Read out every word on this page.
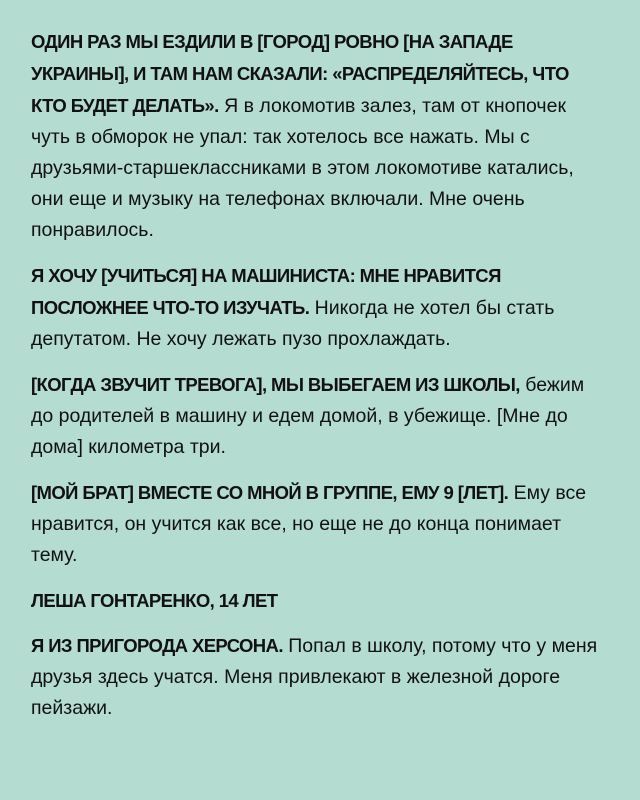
ОДИН РАЗ МЫ ЕЗДИЛИ В [ГОРОД] РОВНО [НА ЗАПАДЕ УКРАИНЫ], И ТАМ НАМ СКАЗАЛИ: «РАСПРЕДЕЛЯЙТЕСЬ, ЧТО КТО БУДЕТ ДЕЛАТЬ». Я в локомотив залез, там от кнопочек чуть в обморок не упал: так хотелось все нажать. Мы с друзьями-старшеклассниками в этом локомотиве катались, они еще и музыку на телефонах включали. Мне очень понравилось.

Я ХОЧУ [УЧИТЬСЯ] НА МАШИНИСТА: МНЕ НРАВИТСЯ ПОСЛОЖНЕЕ ЧТО-ТО ИЗУЧАТЬ. Никогда не хотел бы стать депутатом. Не хочу лежать пузо прохлаждать.

[КОГДА ЗВУЧИТ ТРЕВОГА], МЫ ВЫБЕГАЕМ ИЗ ШКОЛЫ, бежим до родителей в машину и едем домой, в убежище. [Мне до дома] километра три.

[МОЙ БРАТ] ВМЕСТЕ СО МНОЙ В ГРУППЕ, ЕМУ 9 [ЛЕТ]. Ему все нравится, он учится как все, но еще не до конца понимает тему.

ЛЕША ГОНТАРЕНКО, 14 ЛЕТ

Я ИЗ ПРИГОРОДА ХЕРСОНА. Попал в школу, потому что у меня друзья здесь учатся. Меня привлекают в железной дороге пейзажи.
